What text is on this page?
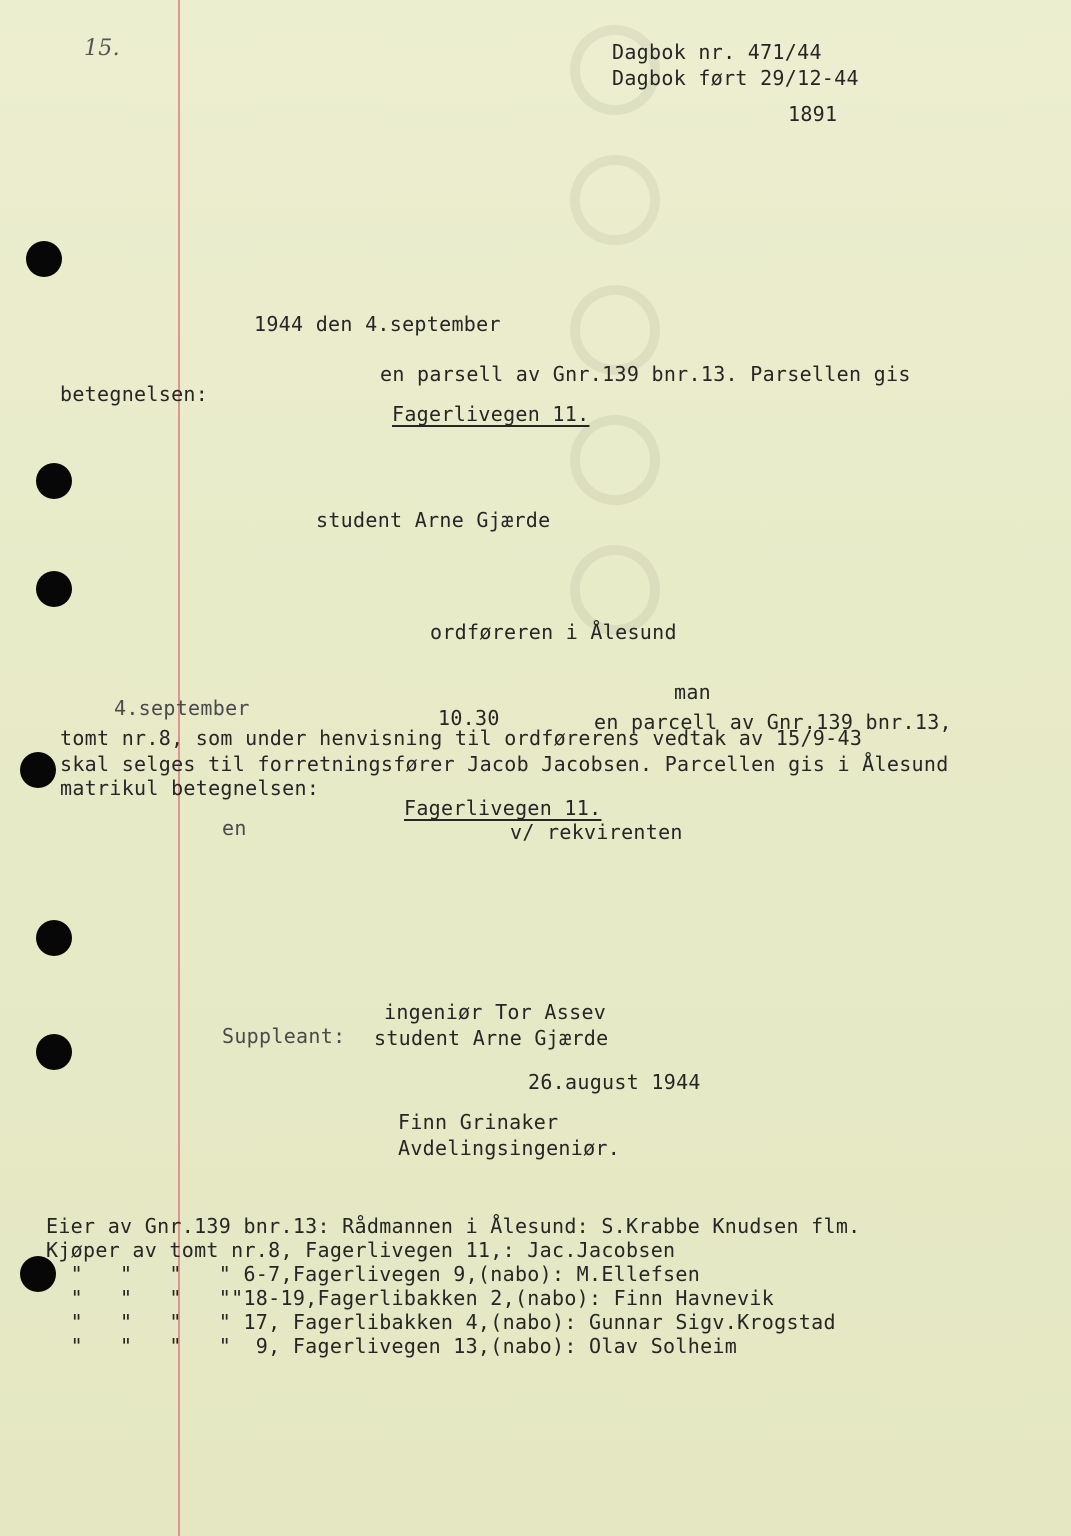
15.	Dagbok nr. 471/44
Dagbok ført 29/12-44
1891
1944 den 4.september
en parsell av Gnr.139 bnr.13. Parsellen gis
betegnelsen:
Fagerlivegen 11.
student Arne Gjærde
ordføreren i Ålesund
man
4.september	10.30	en parcell av Gnr.139 bnr.13,
tomt nr.8, som under henvisning til ordførerens vedtak av 15/9-43
skal selges til forretningsfører Jacob Jacobsen. Parcellen gis i Ålesund
matrikul betegnelsen:
Fagerlivegen 11.
en	v/ rekvirenten
ingeniør Tor Assev
Suppleant: student Arne Gjærde
26.august 1944
Finn Grinaker
Avdelingsingeniør.
Eier av Gnr.139 bnr.13: Rådmannen i Ålesund: S.Krabbe Knudsen flm.
Kjøper av tomt nr.8, Fagerlivegen 11,: Jac.Jacobsen
"   "   "   " 6-7,Fagerlivegen 9,(nabo): M.Ellefsen
"   "   "   ""18-19,Fagerlibakken 2,(nabo): Finn Havnevik
"   "   "   " 17, Fagerlibakken 4,(nabo): Gunnar Sigv.Krogstad
"   "   "   "  9, Fagerlivegen 13,(nabo): Olav Solheim
